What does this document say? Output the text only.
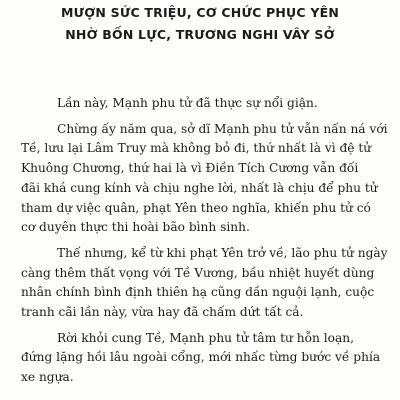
MƯỢN SỨC TRIỆU, CƠ CHỨC PHỤC YÊN
NHỜ BỐN LỰC, TRƯƠNG NGHI VÂY SỞ

Lần này, Mạnh phu tử đã thực sự nổi giận.

Chừng ấy năm qua, sở dĩ Mạnh phu tử vẫn nấn ná với
Tề, lưu lại Lâm Truy mà không bỏ đi, thứ nhất là vì đệ tử
Khuông Chương, thứ hai là vì Điền Tích Cương vẫn đối
đãi khá cung kính và chịu nghe lời, nhất là chịu để phu tử
tham dự việc quân, phạt Yên theo nghĩa, khiến phu tử có
cơ duyên thực thi hoài bão bình sinh.

Thế nhưng, kể từ khi phạt Yên trở về, lão phu tử ngày
càng thêm thất vọng với Tề Vương, bầu nhiệt huyết dùng
nhân chính bình định thiên hạ cũng dần nguội lạnh, cuộc
tranh cãi lần này, vừa hay đã chấm dứt tất cả.

Rời khỏi cung Tề, Mạnh phu tử tâm tư hỗn loạn,
đứng lặng hồi lâu ngoài cổng, mới nhấc từng bước về phía
xe ngựa.
